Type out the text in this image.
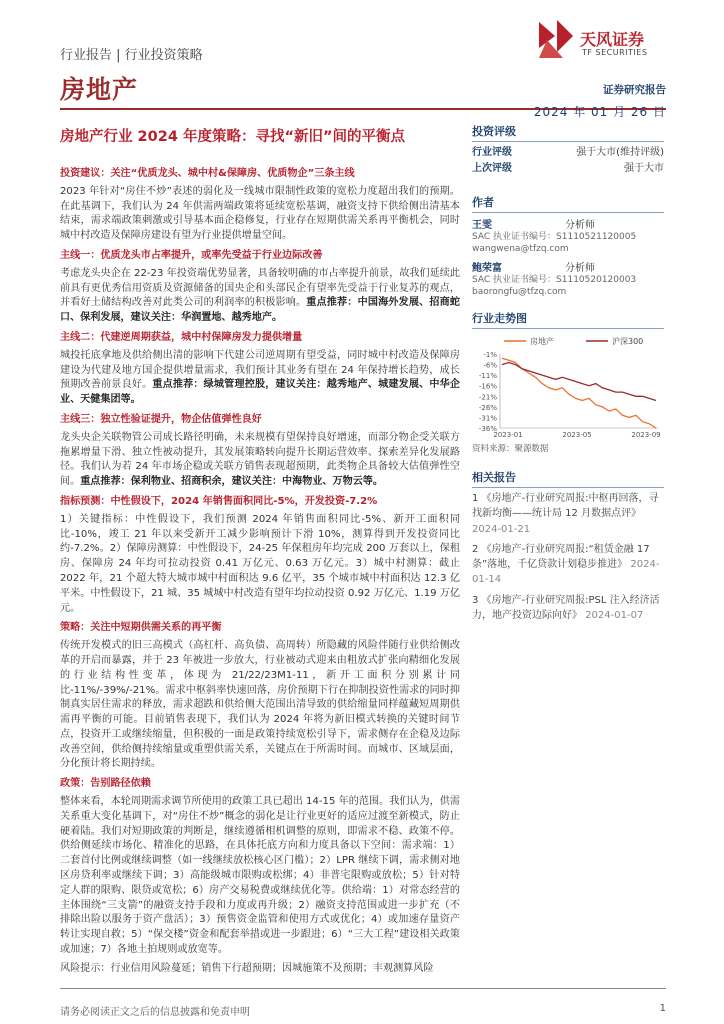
行业报告 | 行业投资策略
房地产
天风证券
TF SECURITIES
证券研究报告
2024 年 01 月 26 日
房地产行业 2024 年度策略：寻找“新旧”间的平衡点

投资建议：关注“优质龙头、城中村&保障房、优质物企”三条主线

2023 年针对“房住不炒”表述的弱化及一线城市限制性政策的宽松力度超出我们的预期。在此基调下，我们认为 24 年供需两端政策将延续宽松基调，融资支持下供给侧出清基本结束，需求端政策刺激或引导基本面企稳修复，行业存在短期供需关系再平衡机会，同时城中村改造及保障房建设有望为行业提供增量空间。

主线一：优质龙头市占率提升，或率先受益于行业边际改善

考虑龙头央企在 22-23 年投资端优势显著，具备较明确的市占率提升前景，故我们延续此前具有更优秀信用资质及资源储备的国央企和头部民企有望率先受益于行业复苏的观点，并看好土储结构改善对此类公司的利润率的积极影响。重点推荐：中国海外发展、招商蛇口、保利发展，建议关注：华润置地、越秀地产。

主线二：代建逆周期获益，城中村保障房发力提供增量

城投托底拿地及供给侧出清的影响下代建公司逆周期有望受益，同时城中村改造及保障房建设为代建及地方国企提供增量需求，我们预计其业务有望在 24 年保持增长趋势，成长预期改善前景良好。重点推荐：绿城管理控股，建议关注：越秀地产、城建发展、中华企业、天健集团等。

主线三：独立性验证提升，物企估值弹性良好

龙头央企关联物管公司成长路径明确，未来规模有望保持良好增速，而部分物企受关联方拖累增量下滑、独立性被动提升，其发展策略转向提升长期运营效率、探索差异化发展路径。我们认为若 24 年市场企稳或关联方销售表现超预期，此类物企具备较大估值弹性空间。重点推荐：保利物业、招商积余，建议关注：中海物业、万物云等。

指标预测：中性假设下，2024 年销售面积同比-5%，开发投资-7.2%

1）关键指标：中性假设下，我们预测 2024 年销售面积同比-5%、新开工面积同比-10%，竣工 21 年以来受新开工减少影响预计下滑 10%，测算得到开发投资同比约-7.2%。2）保障房测算：中性假设下，24-25 年保租房年均完成 200 万套以上，保租房、保障房 24 年均可拉动投资 0.41 万亿元、0.63 万亿元。3）城中村测算：截止 2022 年，21 个超大特大城市城中村面积达 9.6 亿平，35 个城市城中村面积达 12.3 亿平米。中性假设下，21 城、35 城城中村改造有望年均拉动投资 0.92 万亿元、1.19 万亿元。

策略：关注中短期供需关系的再平衡

传统开发模式的旧三高模式（高杠杆、高负债、高周转）所隐藏的风险伴随行业供给侧改革的开启而暴露，并于 23 年被进一步放大，行业被动式迎来由粗放式扩张向精细化发展的行业结构性变革，体现为 21/22/23M1-11，新开工面积分别累计同比-11%/-39%/-21%。需求中枢斜率快速回落，房价预期下行在抑制投资性需求的同时抑制真实居住需求的释放，需求超跌和供给侧大范围出清导致的供给缩量同样蕴藏短周期供需再平衡的可能。目前销售表现下，我们认为 2024 年将为新旧模式转换的关键时间节点，投资开工或继续缩量，但积极的一面是政策持续宽松引导下，需求侧存在企稳及边际改善空间，供给侧持续缩量或重塑供需关系，关键点在于所需时间。而城市、区域层面，分化预计将长期持续。

政策：告别路径依赖

整体来看，本轮周期需求调节所使用的政策工具已超出 14-15 年的范围。我们认为，供需关系重大变化基调下，对“房住不炒”概念的弱化是让行业更好的适应过渡至新模式，防止硬着陆。我们对短期政策的判断是，继续遵循相机调整的原则，即需求不稳、政策不停。供给侧延续市场化、精准化的思路，在具体托底方向和力度具备以下空间：需求端：1）二套首付比例或继续调整（如一线继续放松核心区门槛）；2）LPR 继续下调，需求侧对地区房贷利率或继续下调；3）高能级城市限购或松绑；4）非普宅限购或放松；5）针对特定人群的限购、限贷或宽松；6）房产交易税费或继续优化等。供给端：1）对常态经营的主体围绕“三支箭”的融资支持手段和力度或再升级；2）融资支持范围或进一步扩充（不排除出险以服务于资产盘活）；3）预售资金监管和使用方式或优化；4）或加速存量资产转让实现自救；5）“保交楼”资金和配套举措或进一步跟进；6）“三大工程”建设相关政策或加速；7）各地土拍规则或放宽等。

风险提示：行业信用风险蔓延；销售下行超预期；因城施策不及预期；丰观测算风险

投资评级
行业评级	强于大市(维持评级)
上次评级	强于大市
作者
王雯	分析师
SAC 执业证书编号：S1110521120005
wangwena@tfzq.com
鲍荣富	分析师
SAC 执业证书编号：S1110520120003
baorongfu@tfzq.com
行业走势图
房地产	沪深300
-1%
-6%
-11%
-16%
-21%
-26%
-31%
-36%
2023-01	2023-05	2023-09
资料来源：聚源数据
相关报告
1 《房地产-行业研究周报:中枢再回落，寻找新均衡——统计局 12 月数据点评》 2024-01-21
2 《房地产-行业研究周报:“租赁金融 17 条”落地，千亿贷款计划稳步推进》 2024-01-14
3 《房地产-行业研究周报:PSL 注入经济活力，地产投资边际向好》 2024-01-07
请务必阅读正文之后的信息披露和免责申明	1
